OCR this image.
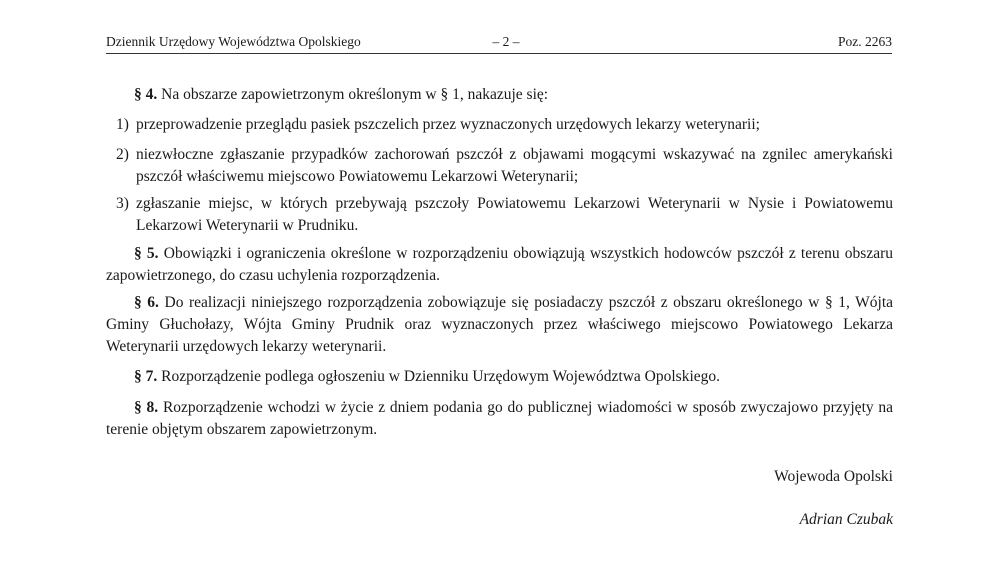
Dziennik Urzędowy Województwa Opolskiego	– 2 –	Poz. 2263
§ 4. Na obszarze zapowietrzonym określonym w § 1, nakazuje się:
1) przeprowadzenie przeglądu pasiek pszczelich przez wyznaczonych urzędowych lekarzy weterynarii;
2) niezwłoczne zgłaszanie przypadków zachorowań pszczół z objawami mogącymi wskazywać na zgnilec amerykański pszczół właściwemu miejscowo Powiatowemu Lekarzowi Weterynarii;
3) zgłaszanie miejsc, w których przebywają pszczoły Powiatowemu Lekarzowi Weterynarii w Nysie i Powiatowemu Lekarzowi Weterynarii w Prudniku.
§ 5. Obowiązki i ograniczenia określone w rozporządzeniu obowiązują wszystkich hodowców pszczół z terenu obszaru zapowietrzonego, do czasu uchylenia rozporządzenia.
§ 6. Do realizacji niniejszego rozporządzenia zobowiązuje się posiadaczy pszczół z obszaru określonego w § 1, Wójta Gminy Głuchołazy, Wójta Gminy Prudnik oraz wyznaczonych przez właściwego miejscowo Powiatowego Lekarza Weterynarii urzędowych lekarzy weterynarii.
§ 7. Rozporządzenie podlega ogłoszeniu w Dzienniku Urzędowym Województwa Opolskiego.
§ 8. Rozporządzenie wchodzi w życie z dniem podania go do publicznej wiadomości w sposób zwyczajowo przyjęty na terenie objętym obszarem zapowietrzonym.
Wojewoda Opolski
Adrian Czubak
